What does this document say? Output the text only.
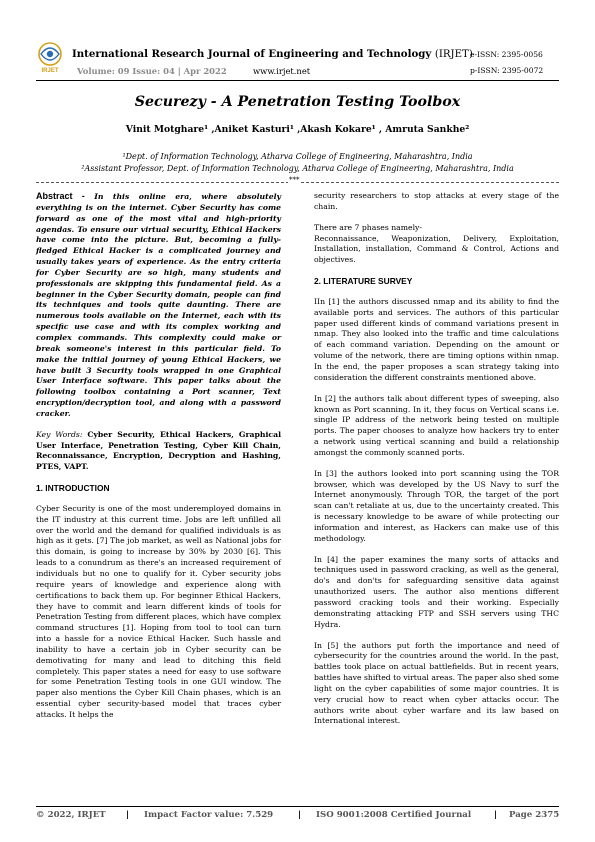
IRJET
International Research Journal of Engineering and Technology (IRJET)
e-ISSN: 2395-0056
p-ISSN: 2395-0072
Volume: 09 Issue: 04 | Apr 2022	www.irjet.net
Securezy - A Penetration Testing Toolbox
Vinit Motghare¹ ,Aniket Kasturi¹ ,Akash Kokare¹ , Amruta Sankhe²
¹Dept. of Information Technology, Atharva College of Engineering, Maharashtra, India
²Assistant Professor, Dept. of Information Technology, Atharva College of Engineering, Maharashtra, India
***

Abstract - In this online era, where absolutely everything is on the internet. Cyber Security has come forward as one of the most vital and high-priority agendas. To ensure our virtual security, Ethical Hackers have come into the picture. But, becoming a fully-fledged Ethical Hacker is a complicated journey and usually takes years of experience. As the entry criteria for Cyber Security are so high, many students and professionals are skipping this fundamental field. As a beginner in the Cyber Security domain, people can find its techniques and tools quite daunting. There are numerous tools available on the Internet, each with its specific use case and with its complex working and complex commands. This complexity could make or break someone's interest in this particular field. To make the initial journey of young Ethical Hackers, we have built 3 Security tools wrapped in one Graphical User Interface software. This paper talks about the following toolbox containing a Port scanner, Text encryption/decryption tool, and along with a password cracker.

Key Words: Cyber Security, Ethical Hackers, Graphical User Interface, Penetration Testing, Cyber Kill Chain, Reconnaissance, Encryption, Decryption and Hashing, PTES, VAPT.

1. INTRODUCTION

Cyber Security is one of the most underemployed domains in the IT industry at this current time. Jobs are left unfilled all over the world and the demand for qualified individuals is as high as it gets. [7] The job market, as well as National jobs for this domain, is going to increase by 30% by 2030 [6]. This leads to a conundrum as there's an increased requirement of individuals but no one to qualify for it. Cyber security jobs require years of knowledge and experience along with certifications to back them up. For beginner Ethical Hackers, they have to commit and learn different kinds of tools for Penetration Testing from different places, which have complex command structures [1]. Hoping from tool to tool can turn into a hassle for a novice Ethical Hacker. Such hassle and inability to have a certain job in Cyber security can be demotivating for many and lead to ditching this field completely. This paper states a need for easy to use software for some Penetration Testing tools in one GUI window. The paper also mentions the Cyber Kill Chain phases, which is an essential cyber security-based model that traces cyber attacks. It helps the

security researchers to stop attacks at every stage of the chain.

There are 7 phases namely-

Reconnaissance, Weaponization, Delivery, Exploitation, Installation, installation, Command & Control, Actions and objectives.

2. LITERATURE SURVEY

IIn [1] the authors discussed nmap and its ability to find the available ports and services. The authors of this particular paper used different kinds of command variations present in nmap. They also looked into the traffic and time calculations of each command variation. Depending on the amount or volume of the network, there are timing options within nmap. In the end, the paper proposes a scan strategy taking into consideration the different constraints mentioned above.

In [2] the authors talk about different types of sweeping, also known as Port scanning. In it, they focus on Vertical scans i.e. single IP address of the network being tested on multiple ports. The paper chooses to analyze how hackers try to enter a network using vertical scanning and build a relationship amongst the commonly scanned ports.

In [3] the authors looked into port scanning using the TOR browser, which was developed by the US Navy to surf the Internet anonymously. Through TOR, the target of the port scan can't retaliate at us, due to the uncertainty created. This is necessary knowledge to be aware of while protecting our information and interest, as Hackers can make use of this methodology.

In [4] the paper examines the many sorts of attacks and techniques used in password cracking, as well as the general, do's and don'ts for safeguarding sensitive data against unauthorized users. The author also mentions different password cracking tools and their working. Especially demonstrating attacking FTP and SSH servers using THC Hydra.

In [5] the authors put forth the importance and need of cybersecurity for the countries around the world. In the past, battles took place on actual battlefields. But in recent years, battles have shifted to virtual areas. The paper also shed some light on the cyber capabilities of some major countries. It is very crucial how to react when cyber attacks occur. The authors write about cyber warfare and its law based on International interest.

© 2022, IRJET | Impact Factor value: 7.529	| ISO 9001:2008 Certified Journal	| Page 2375
